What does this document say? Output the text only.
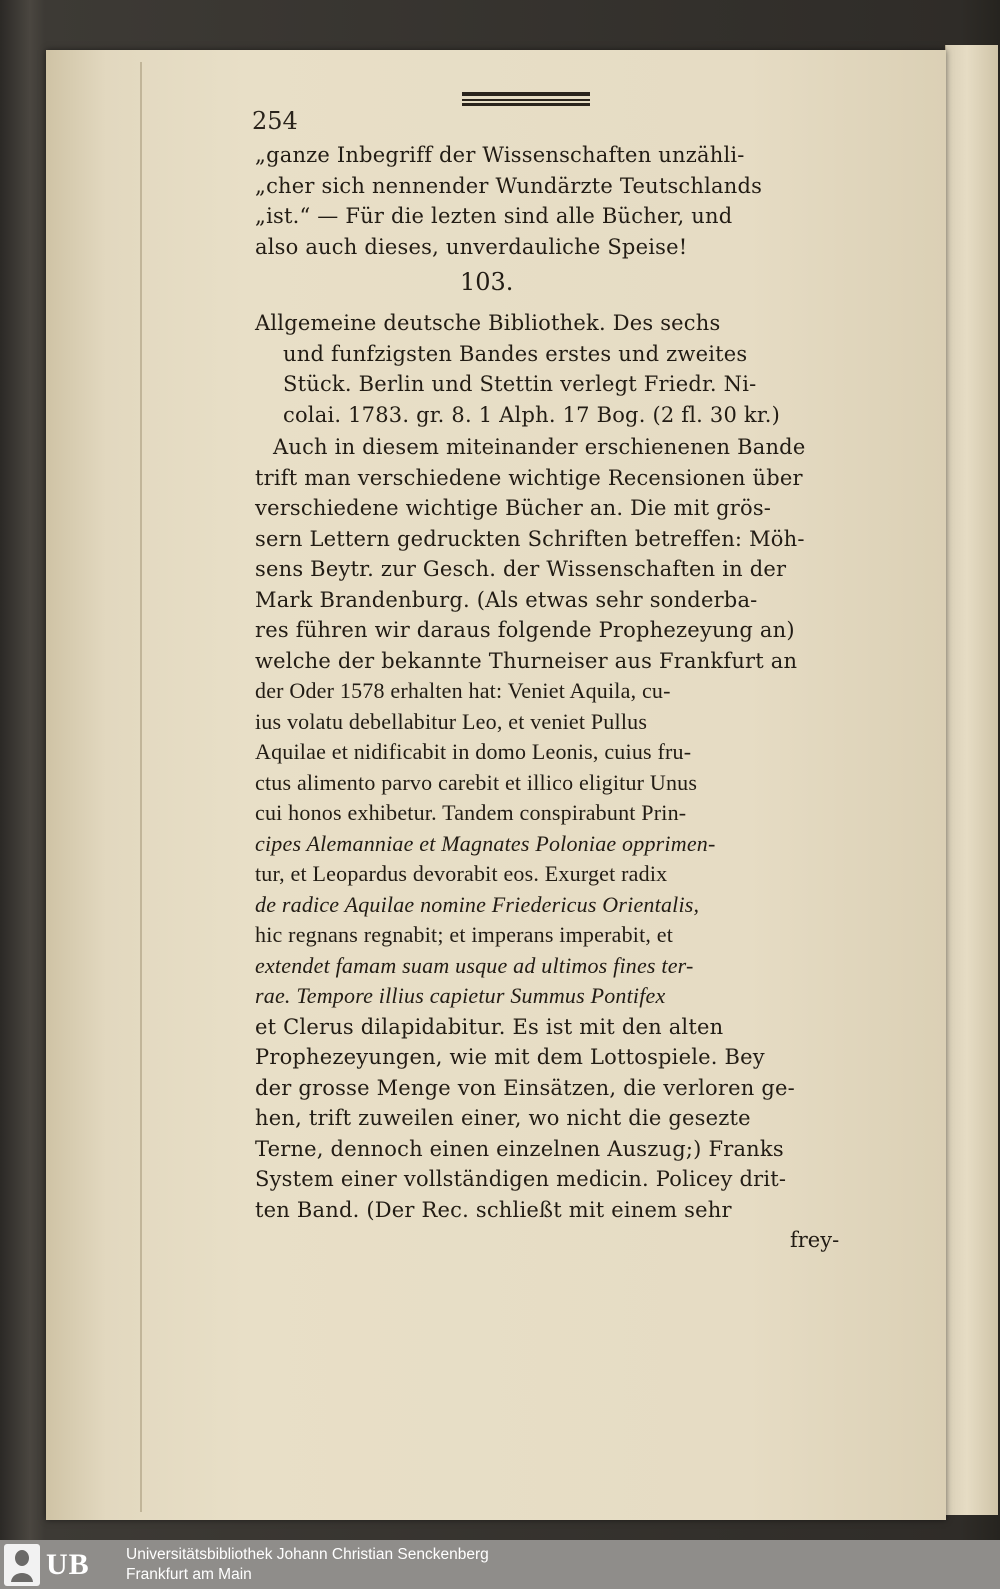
254
„ganze Inbegriff der Wissenschaften unzähli-
„cher sich nennender Wundärzte Teutschlands
„ist.“ — Für die lezten sind alle Bücher, und
also auch dieses, unverdauliche Speise!
103.
Allgemeine deutsche Bibliothek. Des sechs
und funfzigsten Bandes erstes und zweites
Stück. Berlin und Stettin verlegt Friedr. Ni-
colai. 1783. gr. 8. 1 Alph. 17 Bog. (2 fl. 30 kr.)
Auch in diesem miteinander erschienenen Bande
trift man verschiedene wichtige Recensionen über
verschiedene wichtige Bücher an. Die mit grös-
sern Lettern gedruckten Schriften betreffen: Möh-
sens Beytr. zur Gesch. der Wissenschaften in der
Mark Brandenburg. (Als etwas sehr sonderba-
res führen wir daraus folgende Prophezeyung an)
welche der bekannte Thurneiser aus Frankfurt an
der Oder 1578 erhalten hat: Veniet Aquila, cu-
ius volatu debellabitur Leo, et veniet Pullus
Aquilae et nidificabit in domo Leonis, cuius fru-
ctus alimento parvo carebit et illico eligitur Unus
cui honos exhibetur. Tandem conspirabunt Prin-
cipes Alemanniae et Magnates Poloniae opprimen-
tur, et Leopardus devorabit eos. Exurget radix
de radice Aquilae nomine Friedericus Orientalis,
hic regnans regnabit; et imperans imperabit, et
extendet famam suam usque ad ultimos fines ter-
rae. Tempore illius capietur Summus Pontifex
et Clerus dilapidabitur. Es ist mit den alten
Prophezeyungen, wie mit dem Lottospiele. Bey
der grosse Menge von Einsätzen, die verloren ge-
hen, trift zuweilen einer, wo nicht die gesezte
Terne, dennoch einen einzelnen Auszug;) Franks
System einer vollständigen medicin. Policey drit-
ten Band. (Der Rec. schließt mit einem sehr
frey-
UB Universitätsbibliothek Johann Christian Senckenberg
Frankfurt am Main
